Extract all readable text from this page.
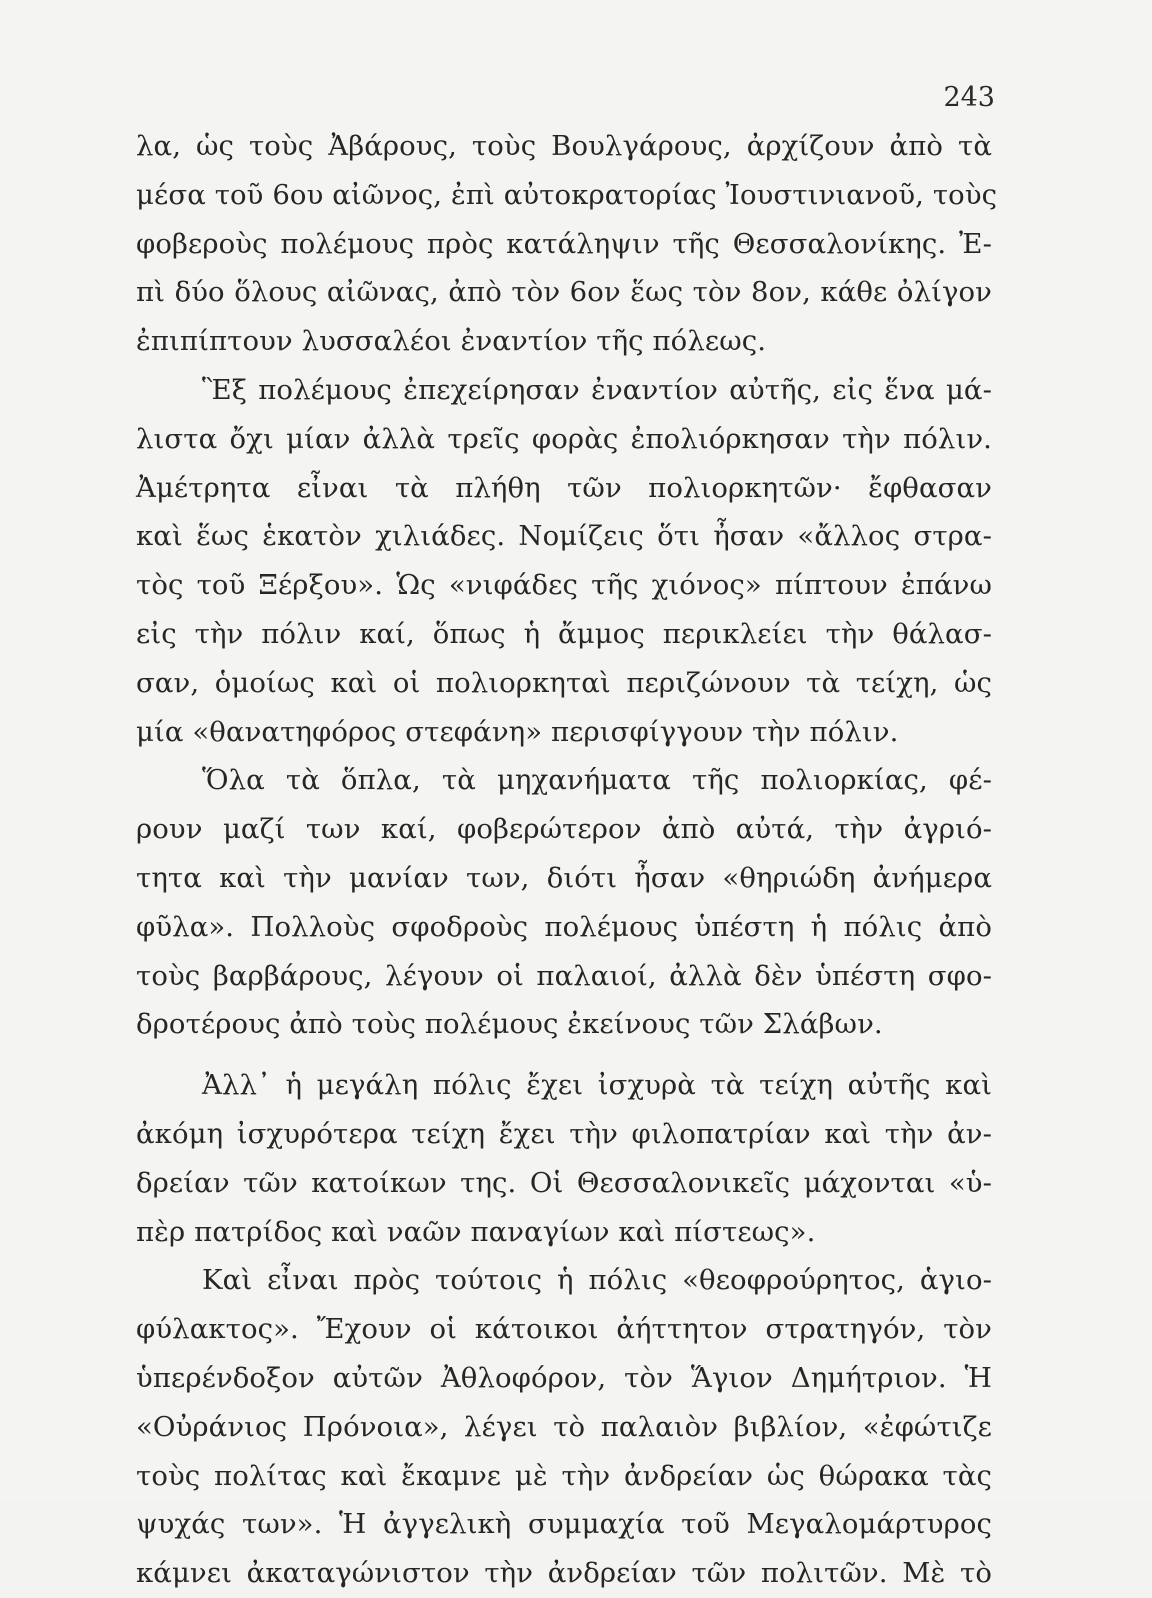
243
λα, ὡς τοὺς Ἀβάρους, τοὺς Βουλγάρους, ἀρχίζουν ἀπὸ τὰ
μέσα τοῦ 6ου αἰῶνος, ἐπὶ αὐτοκρατορίας Ἰουστινιανοῦ, τοὺς
φοβεροὺς πολέμους πρὸς κατάληψιν τῆς Θεσσαλονίκης. Ἐ-
πὶ δύο ὅλους αἰῶνας, ἀπὸ τὸν 6ον ἕως τὸν 8ον, κάθε ὀλίγον
ἐπιπίπτουν λυσσαλέοι ἐναντίον τῆς πόλεως.
Ἓξ πολέμους ἐπεχείρησαν ἐναντίον αὐτῆς, εἰς ἕνα μά-
λιστα ὄχι μίαν ἀλλὰ τρεῖς φορὰς ἐπολιόρκησαν τὴν πόλιν.
Ἀμέτρητα εἶναι τὰ πλήθη τῶν πολιορκητῶν· ἔφθασαν
καὶ ἕως ἑκατὸν χιλιάδες. Νομίζεις ὅτι ἦσαν «ἄλλος στρα-
τὸς τοῦ Ξέρξου». Ὡς «νιφάδες τῆς χιόνος» πίπτουν ἐπάνω
εἰς τὴν πόλιν καί, ὅπως ἡ ἄμμος περικλείει τὴν θάλασ-
σαν, ὁμοίως καὶ οἱ πολιορκηταὶ περιζώνουν τὰ τείχη, ὡς
μία «θανατηφόρος στεφάνη» περισφίγγουν τὴν πόλιν.
Ὅλα τὰ ὅπλα, τὰ μηχανήματα τῆς πολιορκίας, φέ-
ρουν μαζί των καί, φοβερώτερον ἀπὸ αὐτά, τὴν ἀγριό-
τητα καὶ τὴν μανίαν των, διότι ἦσαν «θηριώδη ἀνήμερα
φῦλα». Πολλοὺς σφοδροὺς πολέμους ὑπέστη ἡ πόλις ἀπὸ
τοὺς βαρβάρους, λέγουν οἱ παλαιοί, ἀλλὰ δὲν ὑπέστη σφο-
δροτέρους ἀπὸ τοὺς πολέμους ἐκείνους τῶν Σλάβων.
Ἀλλ᾽ ἡ μεγάλη πόλις ἔχει ἰσχυρὰ τὰ τείχη αὐτῆς καὶ
ἀκόμη ἰσχυρότερα τείχη ἔχει τὴν φιλοπατρίαν καὶ τὴν ἀν-
δρείαν τῶν κατοίκων της. Οἱ Θεσσαλονικεῖς μάχονται «ὑ-
πὲρ πατρίδος καὶ ναῶν παναγίων καὶ πίστεως».
Καὶ εἶναι πρὸς τούτοις ἡ πόλις «θεοφρούρητος, ἁγιο-
φύλακτος». Ἔχουν οἱ κάτοικοι ἀήττητον στρατηγόν, τὸν
ὑπερένδοξον αὐτῶν Ἀθλοφόρον, τὸν Ἅγιον Δημήτριον. Ἡ
«Οὐράνιος Πρόνοια», λέγει τὸ παλαιὸν βιβλίον, «ἐφώτιζε
τοὺς πολίτας καὶ ἔκαμνε μὲ τὴν ἀνδρείαν ὡς θώρακα τὰς
ψυχάς των». Ἡ ἀγγελικὴ συμμαχία τοῦ Μεγαλομάρτυρος
κάμνει ἀκαταγώνιστον τὴν ἀνδρείαν τῶν πολιτῶν. Μὲ τὸ
